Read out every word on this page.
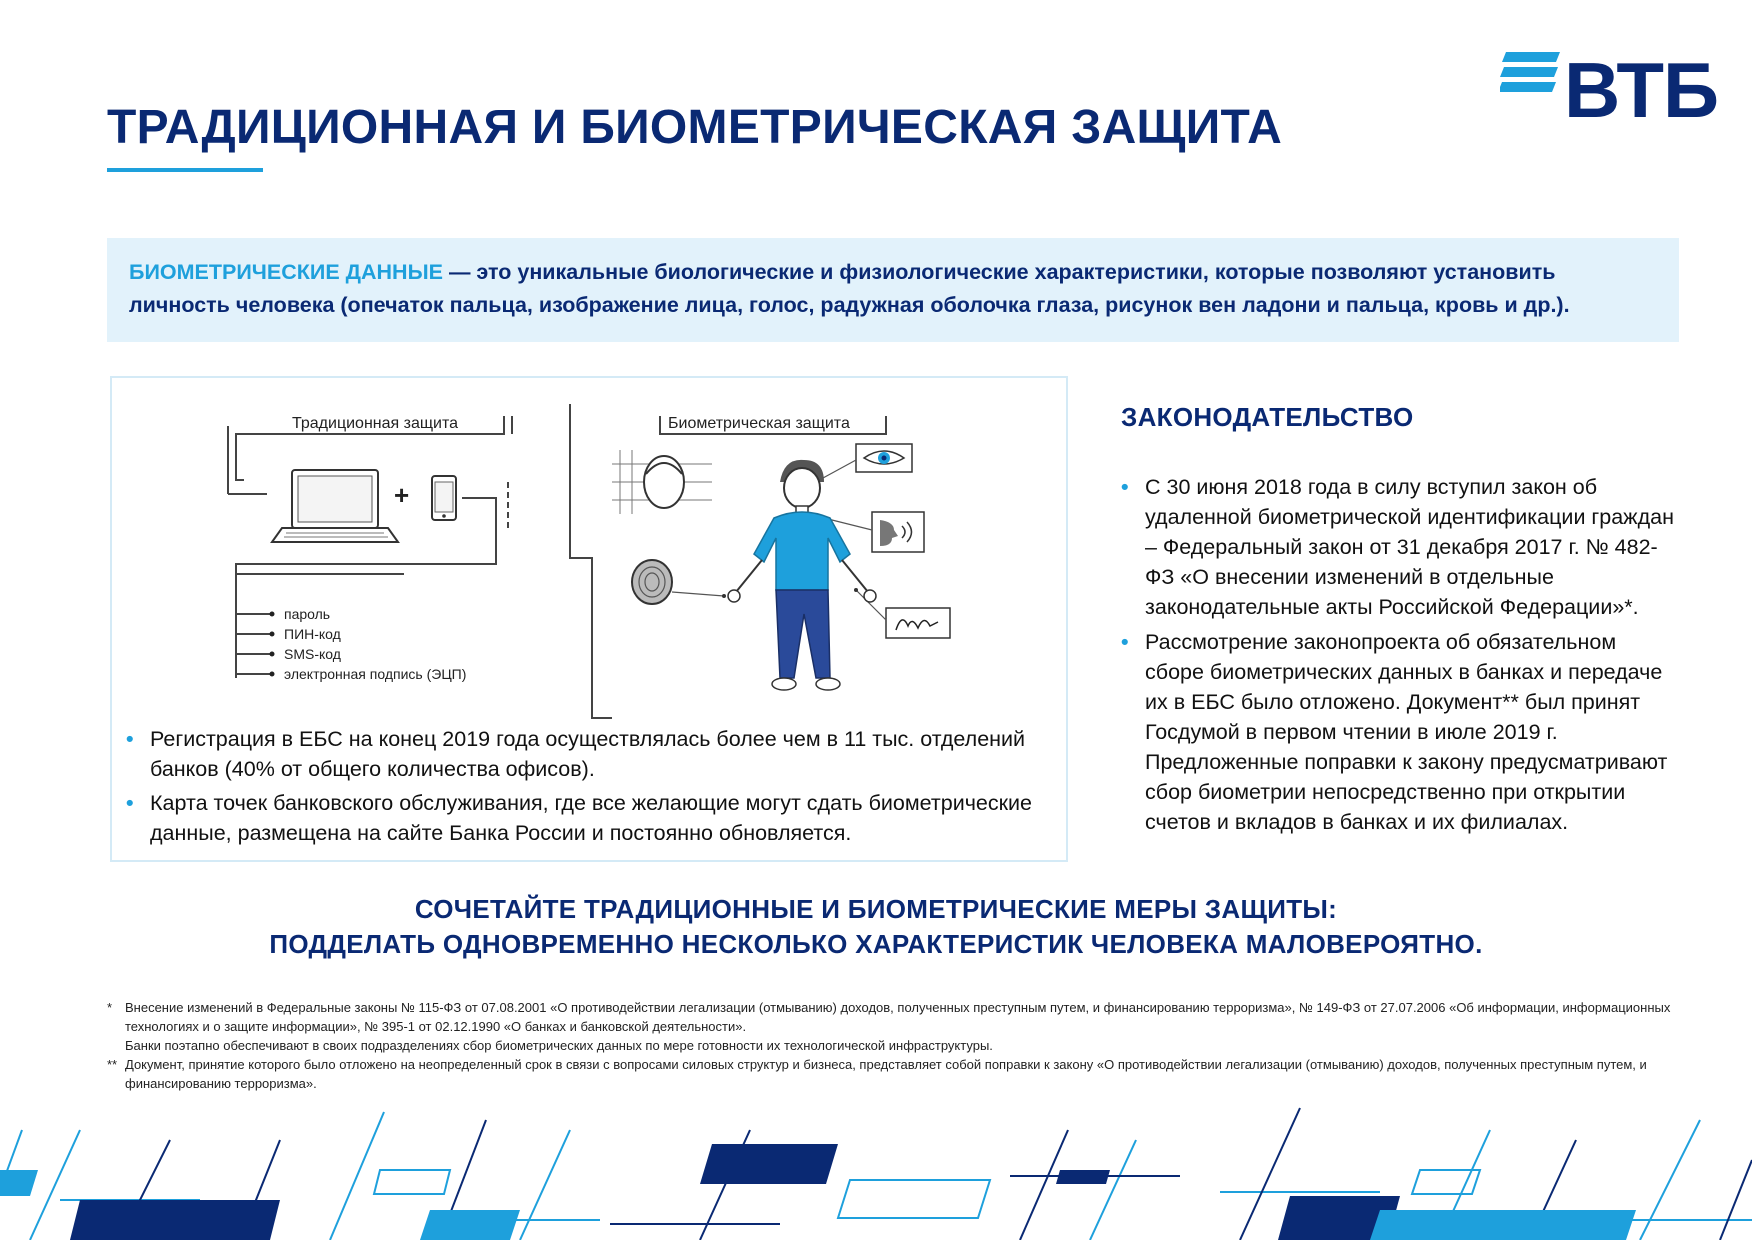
ВТБ
ТРАДИЦИОННАЯ И БИОМЕТРИЧЕСКАЯ ЗАЩИТА

БИОМЕТРИЧЕСКИЕ ДАННЫЕ — это уникальные биологические и физиологические характеристики, которые позволяют установить личность человека (опечаток пальца, изображение лица, голос, радужная оболочка глаза, рисунок вен ладони и пальца, кровь и др.).

Традиционная защита
+
пароль
ПИН-код
SMS-код
электронная подпись (ЭЦП)
Биометрическая защита
• Регистрация в ЕБС на конец 2019 года осуществлялась более чем в 11 тыс. отделений банков (40% от общего количества офисов).
• Карта точек банковского обслуживания, где все желающие могут сдать биометрические данные, размещена на сайте Банка России и постоянно обновляется.
ЗАКОНОДАТЕЛЬСТВО
• С 30 июня 2018 года в силу вступил закон об удаленной биометрической идентификации граждан – Федеральный закон от 31 декабря 2017 г. № 482-ФЗ «О внесении изменений в отдельные законодательные акты Российской Федерации»*.
• Рассмотрение законопроекта об обязательном сборе биометрических данных в банках и передаче их в ЕБС было отложено. Документ** был принят Госдумой в первом чтении в июле 2019 г. Предложенные поправки к закону предусматривают сбор биометрии непосредственно при открытии счетов и вкладов в банках и их филиалах.
СОЧЕТАЙТЕ ТРАДИЦИОННЫЕ И БИОМЕТРИЧЕСКИЕ МЕРЫ ЗАЩИТЫ:
ПОДДЕЛАТЬ ОДНОВРЕМЕННО НЕСКОЛЬКО ХАРАКТЕРИСТИК ЧЕЛОВЕКА МАЛОВЕРОЯТНО.
* Внесение изменений в Федеральные законы № 115-ФЗ от 07.08.2001 «О противодействии легализации (отмыванию) доходов, полученных преступным путем, и финансированию терроризма», № 149-ФЗ от 27.07.2006 «Об информации, информационных технологиях и о защите информации», № 395-1 от 02.12.1990 «О банках и банковской деятельности».
Банки поэтапно обеспечивают в своих подразделениях сбор биометрических данных по мере готовности их технологической инфраструктуры.
** Документ, принятие которого было отложено на неопределенный срок в связи с вопросами силовых структур и бизнеса, представляет собой поправки к закону «О противодействии легализации (отмыванию) доходов, полученных преступным путем, и финансированию терроризма».
